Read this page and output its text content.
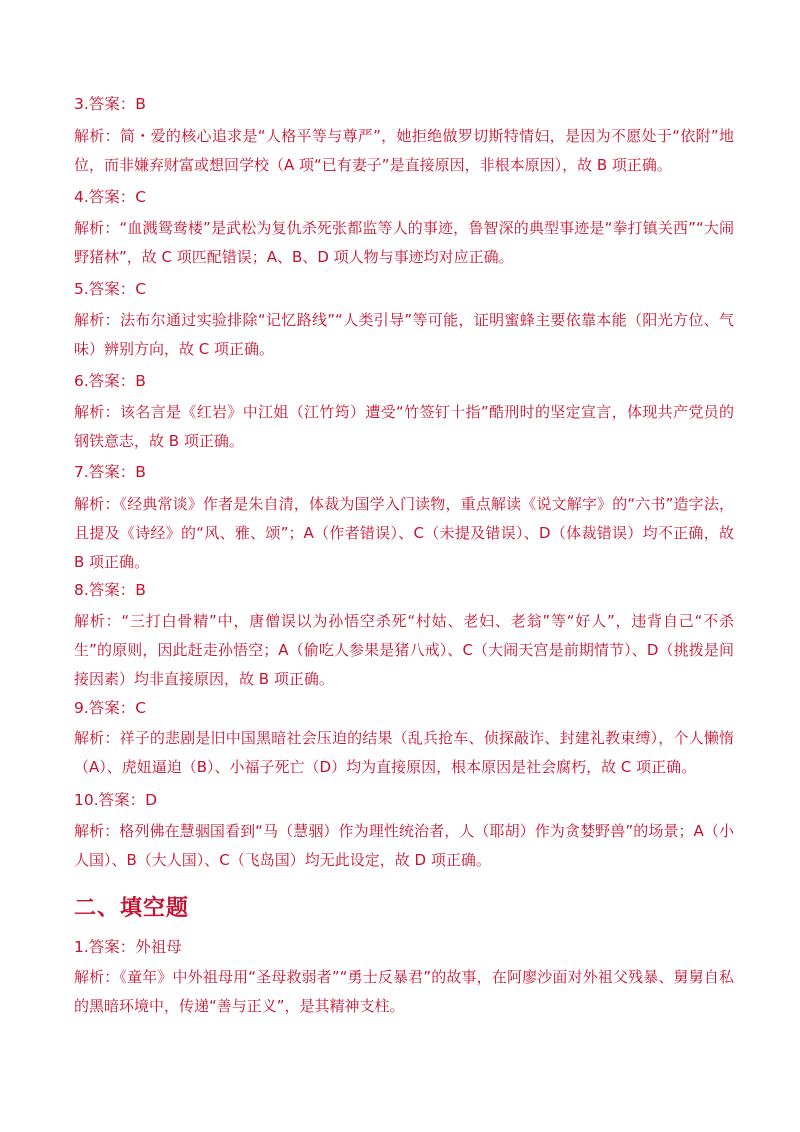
3.答案：B
解析：简・爱的核心追求是“人格平等与尊严”，她拒绝做罗切斯特情妇，是因为不愿处于“依附”地位，而非嫌弃财富或想回学校（A 项“已有妻子”是直接原因，非根本原因），故 B 项正确。
4.答案：C
解析：“血溅鸳鸯楼”是武松为复仇杀死张都监等人的事迹，鲁智深的典型事迹是“拳打镇关西”“大闹野猪林”，故 C 项匹配错误；A、B、D 项人物与事迹均对应正确。
5.答案：C
解析：法布尔通过实验排除“记忆路线”“人类引导”等可能，证明蜜蜂主要依靠本能（阳光方位、气味）辨别方向，故 C 项正确。
6.答案：B
解析：该名言是《红岩》中江姐（江竹筠）遭受“竹签钉十指”酷刑时的坚定宣言，体现共产党员的钢铁意志，故 B 项正确。
7.答案：B
解析：《经典常谈》作者是朱自清，体裁为国学入门读物，重点解读《说文解字》的“六书”造字法，且提及《诗经》的“风、雅、颂”；A（作者错误）、C（未提及错误）、D（体裁错误）均不正确，故 B 项正确。
8.答案：B
解析：“三打白骨精”中，唐僧误以为孙悟空杀死“村姑、老妇、老翁”等“好人”，违背自己“不杀生”的原则，因此赶走孙悟空；A（偷吃人参果是猪八戒）、C（大闹天宫是前期情节）、D（挑拨是间接因素）均非直接原因，故 B 项正确。
9.答案：C
解析：祥子的悲剧是旧中国黑暗社会压迫的结果（乱兵抢车、侦探敲诈、封建礼教束缚），个人懒惰（A）、虎妞逼迫（B）、小福子死亡（D）均为直接原因，根本原因是社会腐朽，故 C 项正确。
10.答案：D
解析：格列佛在慧骃国看到“马（慧骃）作为理性统治者，人（耶胡）作为贪婪野兽”的场景；A（小人国）、B（大人国）、C（飞岛国）均无此设定，故 D 项正确。
二、填空题
1.答案：外祖母
解析：《童年》中外祖母用“圣母救弱者”“勇士反暴君”的故事，在阿廖沙面对外祖父残暴、舅舅自私的黑暗环境中，传递“善与正义”，是其精神支柱。
